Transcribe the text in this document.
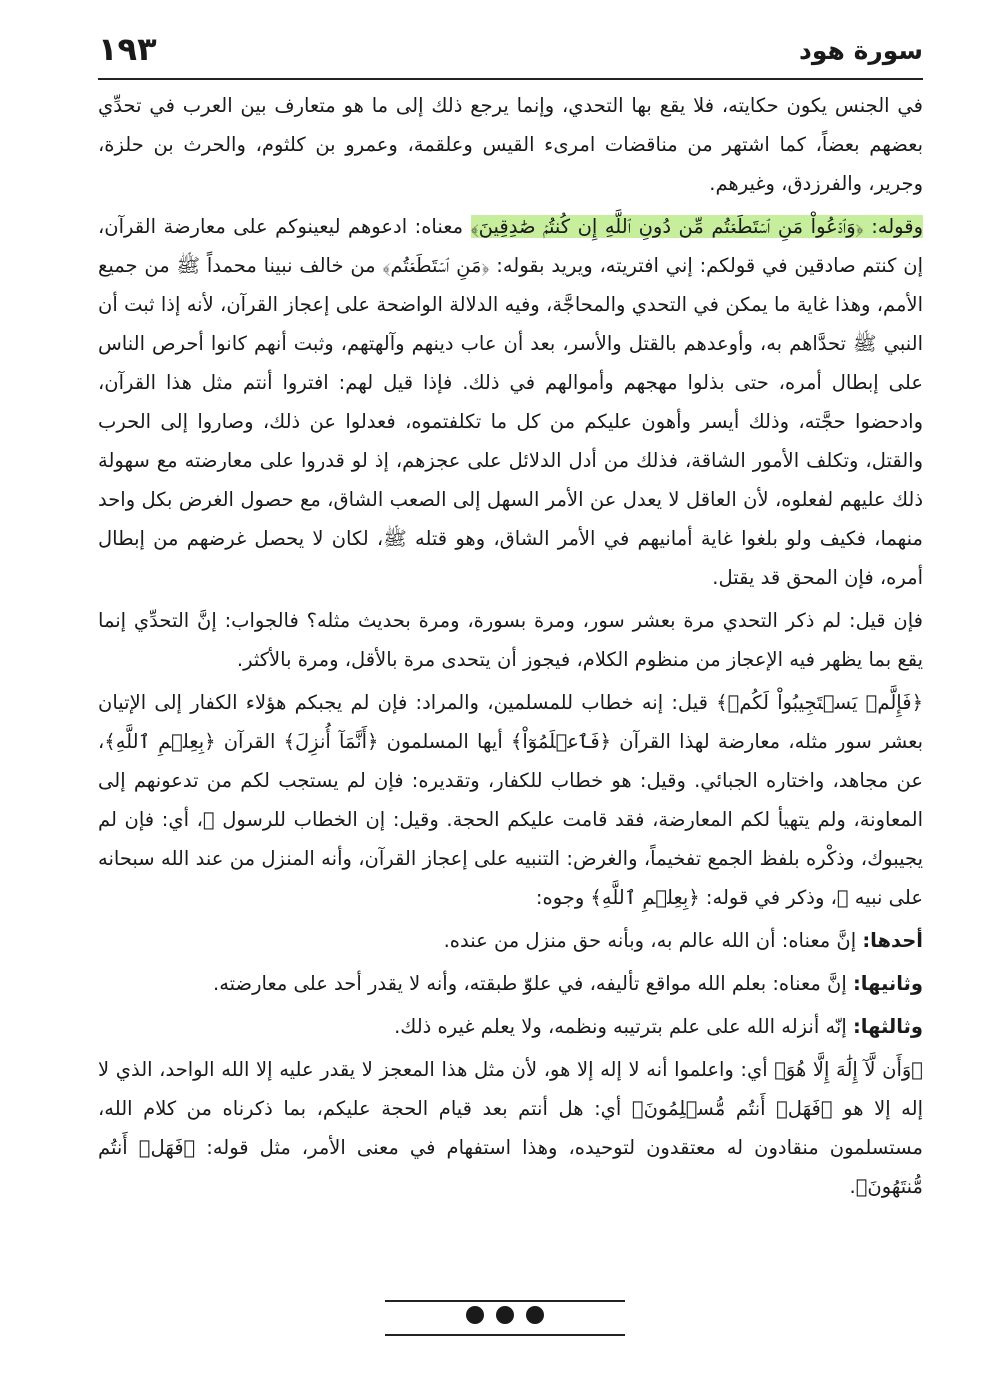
سورة هود
١٩٣

في الجنس يكون حكايته، فلا يقع بها التحدي، وإنما يرجع ذلك إلى ما هو متعارف بين العرب في تحدِّي بعضهم بعضاً، كما اشتهر من مناقضات امرىء القيس وعلقمة، وعمرو بن كلثوم، والحرث بن حلزة، وجرير، والفرزدق، وغيرهم.

وقوله: ﴿وَٱدۡعُواْ مَنِ ٱسۡتَطَعۡتُم مِّن دُونِ ٱللَّهِ إِن كُنتُمۡ صَٰدِقِينَ﴾ معناه: ادعوهم ليعينوكم على معارضة القرآن، إن كنتم صادقين في قولكم: إني افتريته، ويريد بقوله: ﴿مَنِ ٱسۡتَطَعۡتُم﴾ من خالف نبينا محمداً ﷺ من جميع الأمم، وهذا غاية ما يمكن في التحدي والمحاجَّة، وفيه الدلالة الواضحة على إعجاز القرآن، لأنه إذا ثبت أن النبي ﷺ تحدَّاهم به، وأوعدهم بالقتل والأسر، بعد أن عاب دينهم وآلهتهم، وثبت أنهم كانوا أحرص الناس على إبطال أمره، حتى بذلوا مهجهم وأموالهم في ذلك. فإذا قيل لهم: افتروا أنتم مثل هذا القرآن، وادحضوا حجَّته، وذلك أيسر وأهون عليكم من كل ما تكلفتموه، فعدلوا عن ذلك، وصاروا إلى الحرب والقتل، وتكلف الأمور الشاقة، فذلك من أدل الدلائل على عجزهم، إذ لو قدروا على معارضته مع سهولة ذلك عليهم لفعلوه، لأن العاقل لا يعدل عن الأمر السهل إلى الصعب الشاق، مع حصول الغرض بكل واحد منهما، فكيف ولو بلغوا غاية أمانيهم في الأمر الشاق، وهو قتله ﷺ، لكان لا يحصل غرضهم من إبطال أمره، فإن المحق قد يقتل.

فإن قيل: لم ذكر التحدي مرة بعشر سور، ومرة بسورة، ومرة بحديث مثله؟ فالجواب: إنَّ التحدِّي إنما يقع بما يظهر فيه الإعجاز من منظوم الكلام، فيجوز أن يتحدى مرة بالأقل، ومرة بالأكثر.

﴿فَإِلَّمۡ يَسۡتَجِيبُواْ لَكُمۡ﴾ قيل: إنه خطاب للمسلمين، والمراد: فإن لم يجبكم هؤلاء الكفار إلى الإتيان بعشر سور مثله، معارضة لهذا القرآن ﴿فَٱعۡلَمُوٓاْ﴾ أيها المسلمون ﴿أَنَّمَآ أُنزِلَ﴾ القرآن ﴿بِعِلۡمِ ٱللَّهِ﴾، عن مجاهد، واختاره الجبائي. وقيل: هو خطاب للكفار، وتقديره: فإن لم يستجب لكم من تدعونهم إلى المعاونة، ولم يتهيأ لكم المعارضة، فقد قامت عليكم الحجة. وقيل: إن الخطاب للرسول ﷺ، أي: فإن لم يجيبوك، وذكْره بلفظ الجمع تفخيماً، والغرض: التنبيه على إعجاز القرآن، وأنه المنزل من عند الله سبحانه على نبيه ﷺ، وذكر في قوله: ﴿بِعِلۡمِ ٱللَّهِ﴾ وجوه:

أحدها: إنَّ معناه: أن الله عالم به، وبأنه حق منزل من عنده.

وثانيها: إنَّ معناه: بعلم الله مواقع تأليفه، في علوّ طبقته، وأنه لا يقدر أحد على معارضته.

وثالثها: إنّه أنزله الله على علم بترتيبه ونظمه، ولا يعلم غيره ذلك.

﴿وَأَن لَّآ إِلَٰهَ إِلَّا هُوَ﴾ أي: واعلموا أنه لا إله إلا هو، لأن مثل هذا المعجز لا يقدر عليه إلا الله الواحد، الذي لا إله إلا هو ﴿فَهَلۡ أَنتُم مُّسۡلِمُونَ﴾ أي: هل أنتم بعد قيام الحجة عليكم، بما ذكرناه من كلام الله، مستسلمون منقادون له معتقدون لتوحيده، وهذا استفهام في معنى الأمر، مثل قوله: ﴿فَهَلۡ أَنتُم مُّنتَهُونَ﴾.
